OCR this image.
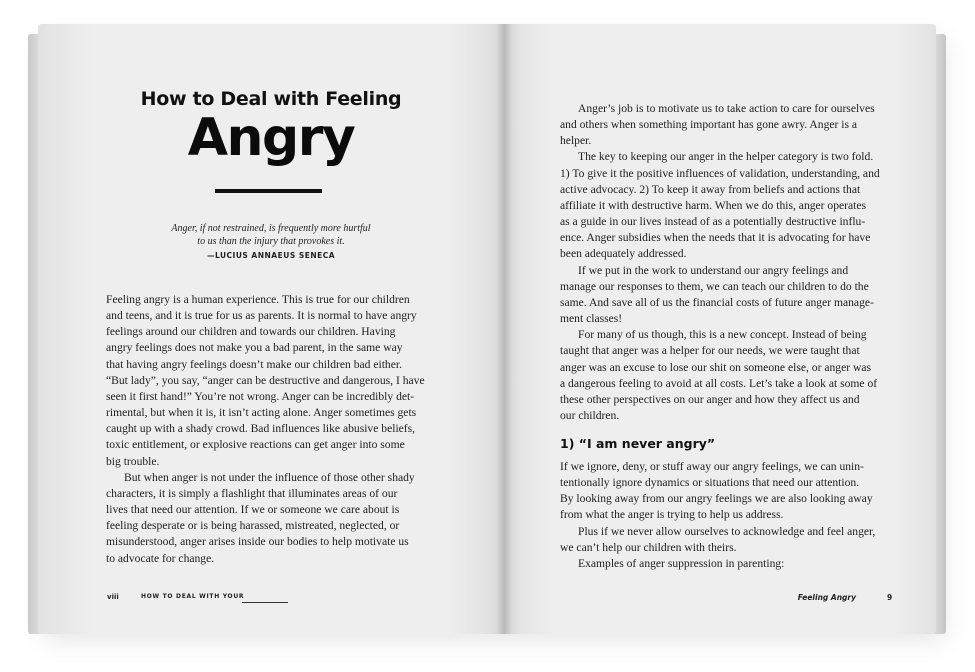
How to Deal with Feeling
Angry
Anger, if not restrained, is frequently more hurtful
to us than the injury that provokes it.
—LUCIUS ANNAEUS SENECA

Feeling angry is a human experience. This is true for our children

and teens, and it is true for us as parents. It is normal to have angry

feelings around our children and towards our children. Having

angry feelings does not make you a bad parent, in the same way

that having angry feelings doesn’t make our children bad either.

“But lady”, you say, “anger can be destructive and dangerous, I have

seen it first hand!” You’re not wrong. Anger can be incredibly det-

rimental, but when it is, it isn’t acting alone. Anger sometimes gets

caught up with a shady crowd. Bad influences like abusive beliefs,

toxic entitlement, or explosive reactions can get anger into some

big trouble.

But when anger is not under the influence of those other shady

characters, it is simply a flashlight that illuminates areas of our

lives that need our attention. If we or someone we care about is

feeling desperate or is being harassed, mistreated, neglected, or

misunderstood, anger arises inside our bodies to help motivate us

to advocate for change.

viii	HOW TO DEAL WITH YOUR

Anger’s job is to motivate us to take action to care for ourselves

and others when something important has gone awry. Anger is a

helper.

The key to keeping our anger in the helper category is two fold.

1) To give it the positive influences of validation, understanding, and

active advocacy. 2) To keep it away from beliefs and actions that

affiliate it with destructive harm. When we do this, anger operates

as a guide in our lives instead of as a potentially destructive influ-

ence. Anger subsidies when the needs that it is advocating for have

been adequately addressed.

If we put in the work to understand our angry feelings and

manage our responses to them, we can teach our children to do the

same. And save all of us the financial costs of future anger manage-

ment classes!

For many of us though, this is a new concept. Instead of being

taught that anger was a helper for our needs, we were taught that

anger was an excuse to lose our shit on someone else, or anger was

a dangerous feeling to avoid at all costs. Let’s take a look at some of

these other perspectives on our anger and how they affect us and

our children.

1) “I am never angry”

If we ignore, deny, or stuff away our angry feelings, we can unin-

tentionally ignore dynamics or situations that need our attention.

By looking away from our angry feelings we are also looking away

from what the anger is trying to help us address.

Plus if we never allow ourselves to acknowledge and feel anger,

we can’t help our children with theirs.

Examples of anger suppression in parenting:

Feeling Angry	9
